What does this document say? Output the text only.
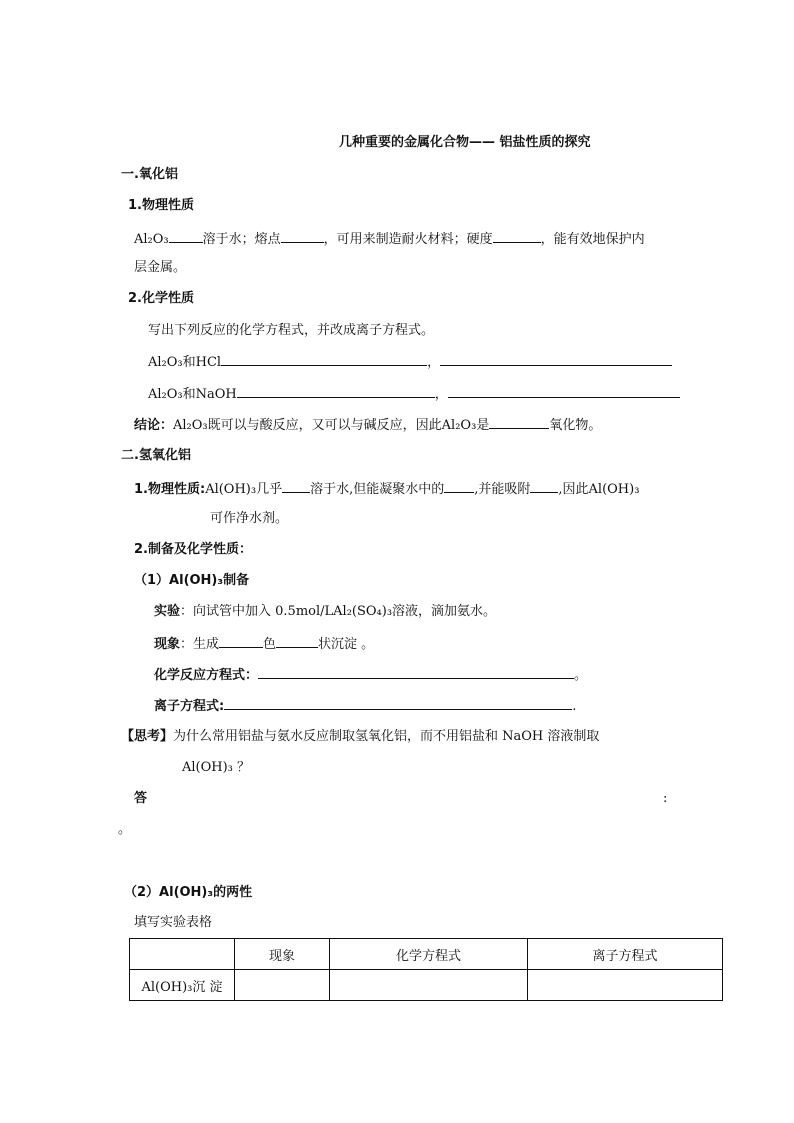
几种重要的金属化合物—— 铝盐性质的探究
一.氧化铝
1.物理性质
Al₂O₃	溶于水；熔点	，可用来制造耐火材料；硬度	，能有效地保护内
层金属。
2.化学性质
写出下列反应的化学方程式，并改成离子方程式。
Al₂O₃和HCl	，
Al₂O₃和NaOH	，
结论：Al₂O₃既可以与酸反应，又可以与碱反应，因此Al₂O₃是	氧化物。
二.氢氧化铝
1.物理性质:Al(OH)₃几乎 溶于水,但能凝聚水中的 ,并能吸附 ,因此Al(OH)₃
可作净水剂。
2.制备及化学性质：
（1）Al(OH)₃制备
实验：向试管中加入 0.5mol/LAl₂(SO₄)₃溶液，滴加氨水。
现象：生成	色	状沉淀 。
化学反应方程式：	。
离子方程式:	.
【思考】为什么常用铝盐与氨水反应制取氢氧化铝，而不用铝盐和 NaOH 溶液制取
Al(OH)₃ ？
答	:
。
（2）Al(OH)₃的两性
填写实验表格
	现象	化学方程式	离子方程式
Al(OH)₃沉 淀			
